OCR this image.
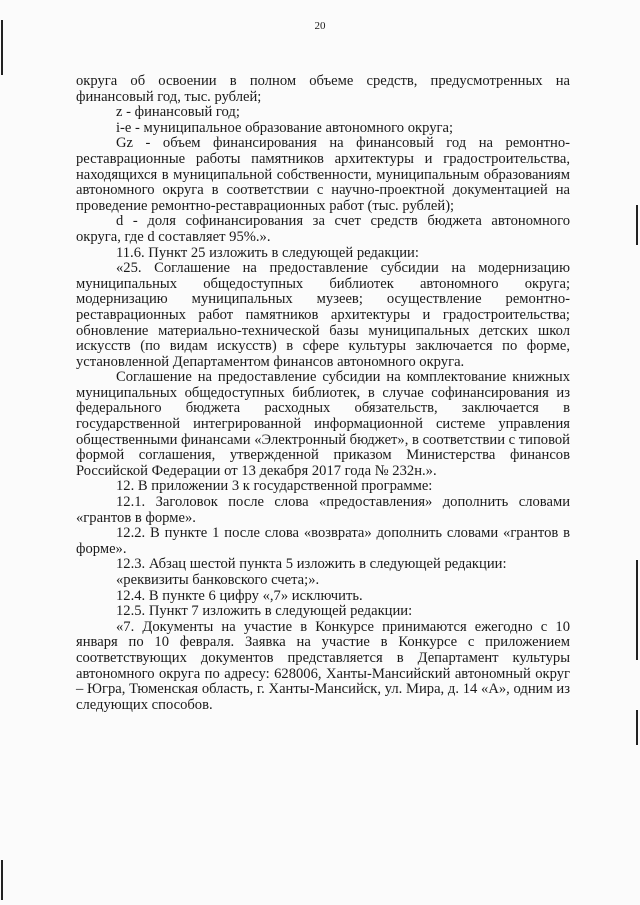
20

округа об освоении в полном объеме средств, предусмотренных на финансовый год, тыс. рублей;

z - финансовый год;

i-е - муниципальное образование автономного округа;

Gz - объем финансирования на финансовый год на ремонтно-реставрационные работы памятников архитектуры и градостроительства, находящихся в муниципальной собственности, муниципальным образованиям автономного округа в соответствии с научно-проектной документацией на проведение ремонтно-реставрационных работ (тыс. рублей);

d - доля софинансирования за счет средств бюджета автономного округа, где d составляет 95%.».

11.6. Пункт 25 изложить в следующей редакции:

«25. Соглашение на предоставление субсидии на модернизацию муниципальных общедоступных библиотек автономного округа; модернизацию муниципальных музеев; осуществление ремонтно-реставрационных работ памятников архитектуры и градостроительства; обновление материально-технической базы муниципальных детских школ искусств (по видам искусств) в сфере культуры заключается по форме, установленной Департаментом финансов автономного округа.

Соглашение на предоставление субсидии на комплектование книжных муниципальных общедоступных библиотек, в случае софинансирования из федерального бюджета расходных обязательств, заключается в государственной интегрированной информационной системе управления общественными финансами «Электронный бюджет», в соответствии с типовой формой соглашения, утвержденной приказом Министерства финансов Российской Федерации от 13 декабря 2017 года № 232н.».

12. В приложении 3 к государственной программе:

12.1. Заголовок после слова «предоставления» дополнить словами «грантов в форме».

12.2. В пункте 1 после слова «возврата» дополнить словами «грантов в форме».

12.3. Абзац шестой пункта 5 изложить в следующей редакции:

«реквизиты банковского счета;».

12.4. В пункте 6 цифру «,7» исключить.

12.5. Пункт 7 изложить в следующей редакции:

«7. Документы на участие в Конкурсе принимаются ежегодно с 10 января по 10 февраля. Заявка на участие в Конкурсе с приложением соответствующих документов представляется в Департамент культуры автономного округа по адресу: 628006, Ханты-Мансийский автономный округ – Югра, Тюменская область, г. Ханты-Мансийск, ул. Мира, д. 14 «А», одним из следующих способов.
